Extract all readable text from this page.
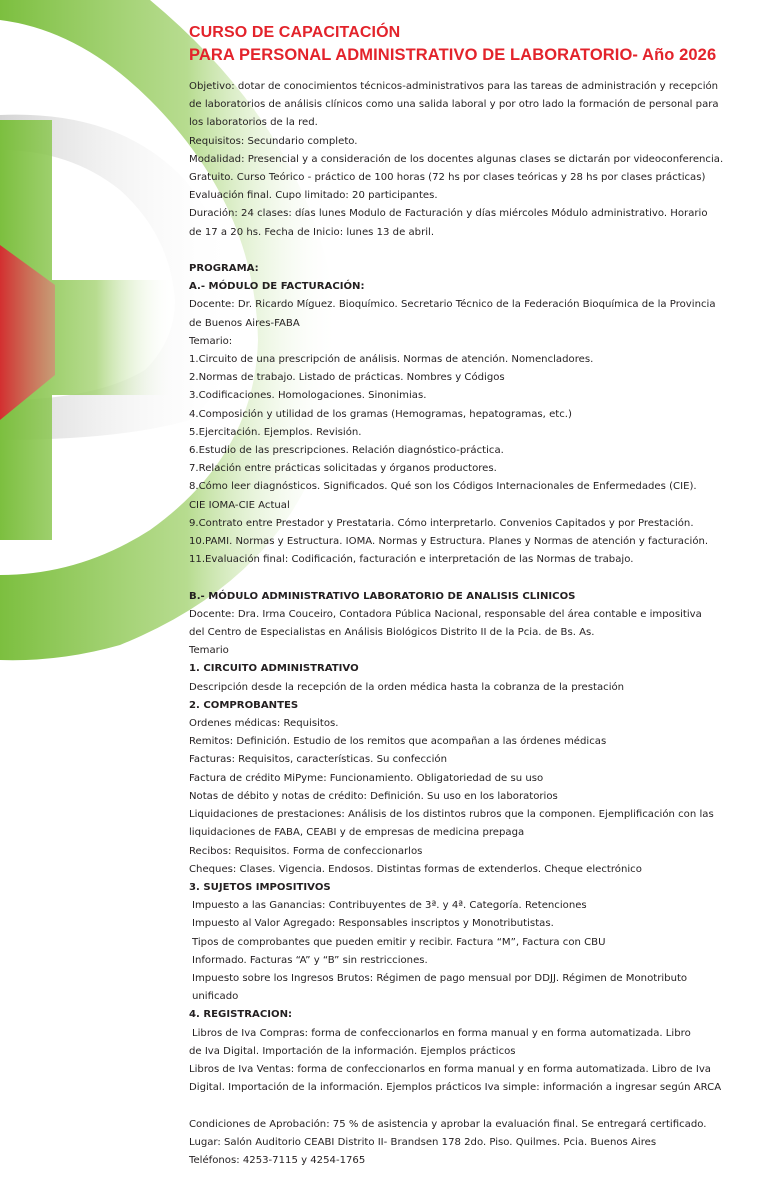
CURSO DE CAPACITACIÓN

PARA PERSONAL ADMINISTRATIVO DE LABORATORIO- Año 2026

Objetivo: dotar de conocimientos técnicos-administrativos para las tareas de administración y recepción

de laboratorios de análisis clínicos como una salida laboral y por otro lado la formación de personal para

los laboratorios de la red.

Requisitos: Secundario completo.

Modalidad: Presencial y a consideración de los docentes algunas clases se dictarán por videoconferencia.

Gratuito. Curso Teórico - práctico de 100 horas (72 hs por clases teóricas y 28 hs por clases prácticas)

Evaluación final. Cupo limitado: 20 participantes.

Duración: 24 clases: días lunes Modulo de Facturación y días miércoles Módulo administrativo. Horario

de 17 a 20 hs. Fecha de Inicio: lunes 13 de abril.

PROGRAMA:

A.- MÓDULO DE FACTURACIÓN:

Docente: Dr. Ricardo Míguez. Bioquímico. Secretario Técnico de la Federación Bioquímica de la Provincia

de Buenos Aires-FABA

Temario:

1.Circuito de una prescripción de análisis. Normas de atención. Nomencladores.

2.Normas de trabajo. Listado de prácticas. Nombres y Códigos

3.Codificaciones. Homologaciones. Sinonimias.

4.Composición y utilidad de los gramas (Hemogramas, hepatogramas, etc.)

5.Ejercitación. Ejemplos. Revisión.

6.Estudio de las prescripciones. Relación diagnóstico-práctica.

7.Relación entre prácticas solicitadas y órganos productores.

8.Cómo leer diagnósticos. Significados. Qué son los Códigos Internacionales de Enfermedades (CIE).

CIE IOMA-CIE Actual

9.Contrato entre Prestador y Prestataria. Cómo interpretarlo. Convenios Capitados y por Prestación.

10.PAMI. Normas y Estructura. IOMA. Normas y Estructura. Planes y Normas de atención y facturación.

11.Evaluación final: Codificación, facturación e interpretación de las Normas de trabajo.

B.- MÓDULO ADMINISTRATIVO LABORATORIO DE ANALISIS CLINICOS

Docente: Dra. Irma Couceiro, Contadora Pública Nacional, responsable del área contable e impositiva

del Centro de Especialistas en Análisis Biológicos Distrito II de la Pcia. de Bs. As.

Temario

1. CIRCUITO ADMINISTRATIVO

Descripción desde la recepción de la orden médica hasta la cobranza de la prestación

2. COMPROBANTES

Ordenes médicas: Requisitos.

Remitos: Definición. Estudio de los remitos que acompañan a las órdenes médicas

Facturas: Requisitos, características. Su confección

Factura de crédito MiPyme: Funcionamiento. Obligatoriedad de su uso

Notas de débito y notas de crédito: Definición. Su uso en los laboratorios

Liquidaciones de prestaciones: Análisis de los distintos rubros que la componen. Ejemplificación con las

liquidaciones de FABA, CEABI y de empresas de medicina prepaga

Recibos: Requisitos. Forma de confeccionarlos

Cheques: Clases. Vigencia. Endosos. Distintas formas de extenderlos. Cheque electrónico

3. SUJETOS IMPOSITIVOS

Impuesto a las Ganancias: Contribuyentes de 3ª. y 4ª. Categoría. Retenciones

Impuesto al Valor Agregado: Responsables inscriptos y Monotributistas.

Tipos de comprobantes que pueden emitir y recibir. Factura “M”, Factura con CBU

Informado. Facturas “A” y “B” sin restricciones.

Impuesto sobre los Ingresos Brutos: Régimen de pago mensual por DDJJ. Régimen de Monotributo

unificado

4. REGISTRACION:

Libros de Iva Compras: forma de confeccionarlos en forma manual y en forma automatizada. Libro

de Iva Digital. Importación de la información. Ejemplos prácticos

Libros de Iva Ventas: forma de confeccionarlos en forma manual y en forma automatizada. Libro de Iva

Digital. Importación de la información. Ejemplos prácticos Iva simple: información a ingresar según ARCA

Condiciones de Aprobación: 75 % de asistencia y aprobar la evaluación final. Se entregará certificado.

Lugar: Salón Auditorio CEABI Distrito II- Brandsen 178 2do. Piso. Quilmes. Pcia. Buenos Aires

Teléfonos: 4253-7115 y 4254-1765
